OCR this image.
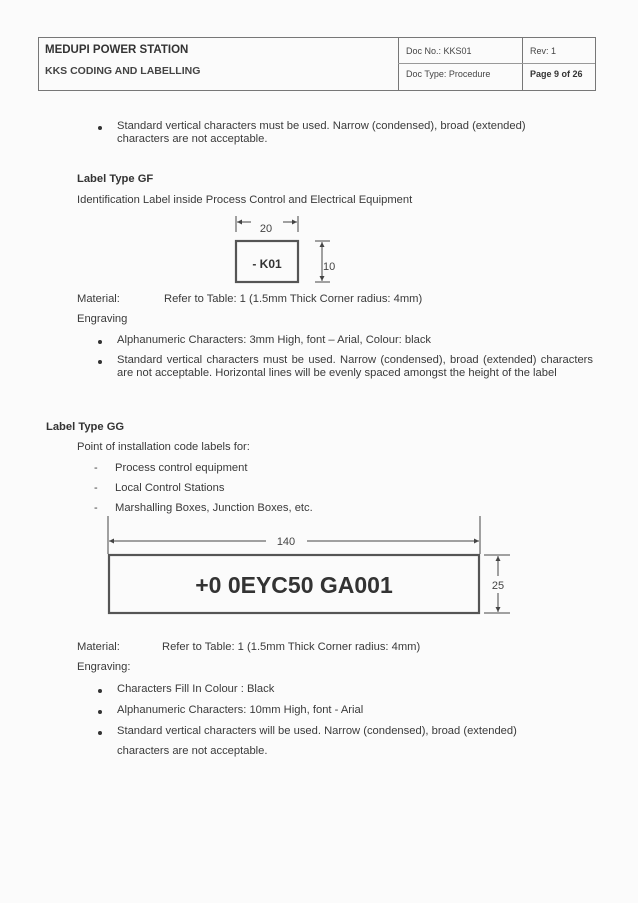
MEDUPI POWER STATION
KKS CODING AND LABELLING
Doc No.: KKS01	Rev: 1
Doc Type: Procedure	Page 9 of 26
Standard vertical characters must be used. Narrow (condensed), broad (extended)
characters are not acceptable.
Label Type GF
Identification Label inside Process Control and Electrical Equipment
20
- K01	10
Material:	Refer to Table: 1 (1.5mm Thick Corner radius: 4mm)
Engraving
Alphanumeric Characters: 3mm High, font – Arial, Colour: black
Standard vertical characters must be used. Narrow (condensed), broad (extended) characters are not acceptable. Horizontal lines will be evenly spaced amongst the height of the label
Label Type GG
Point of installation code labels for:
- Process control equipment
- Local Control Stations
- Marshalling Boxes, Junction Boxes, etc.
140
+0 0EYC50 GA001	25
Material:	Refer to Table: 1 (1.5mm Thick Corner radius: 4mm)
Engraving:
Characters Fill In Colour : Black
Alphanumeric Characters: 10mm High, font - Arial
Standard vertical characters will be used. Narrow (condensed), broad (extended)
characters are not acceptable.
